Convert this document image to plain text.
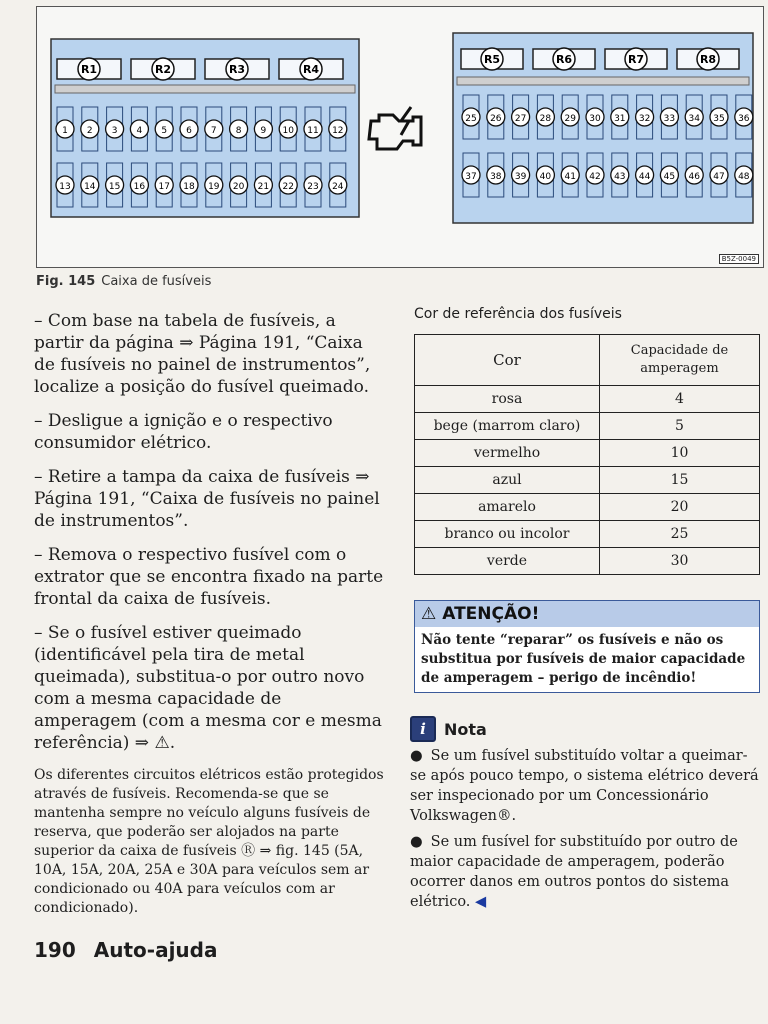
R1	R2	R3	R4
1 2 3 4 5 6 7 8 9 10 11 12
13 14 15 16 17 18 19 20 21 22 23 24
R5	R6	R7	R8
25 26 27 28 29 30 31 32 33 34 35 36
37 38 39 40 41 42 43 44 45 46 47 48
B5Z-0049
Fig. 145 Caixa de fusíveis

– Com base na tabela de fusíveis, a partir da página ⇒ Página 191, “Caixa de fusíveis no painel de instrumentos”, localize a posição do fusível queimado.

– Desligue a ignição e o respectivo consumidor elétrico.

– Retire a tampa da caixa de fusíveis ⇒ Página 191, “Caixa de fusíveis no painel de instrumentos”.

– Remova o respectivo fusível com o extrator que se encontra fixado na parte frontal da caixa de fusíveis.

– Se o fusível estiver queimado (identificável pela tira de metal queimada), substitua-o por outro novo com a mesma capacidade de amperagem (com a mesma cor e mesma referência) ⇒ ⚠.

Os diferentes circuitos elétricos estão protegidos através de fusíveis. Recomenda-se que se mantenha sempre no veículo alguns fusíveis de reserva, que poderão ser alojados na parte superior da caixa de fusíveis Ⓡ ⇒ fig. 145 (5A, 10A, 15A, 20A, 25A e 30A para veículos sem ar condicionado ou 40A para veículos com ar condicionado).

Cor de referência dos fusíveis
Cor	Capacidade de amperagem
rosa	4
bege (marrom claro)	5
vermelho	10
azul	15
amarelo	20
branco ou incolor	25
verde	30
⚠ ATENÇÃO!
Não tente “reparar” os fusíveis e não os substitua por fusíveis de maior capacidade de amperagem – perigo de incêndio!
i	Nota
● Se um fusível substituído voltar a queimar-se após pouco tempo, o sistema elétrico deverá ser inspecionado por um Concessionário Volkswagen®.
● Se um fusível for substituído por outro de maior capacidade de amperagem, poderão ocorrer danos em outros pontos do sistema elétrico. ◀
190 Auto-ajuda
